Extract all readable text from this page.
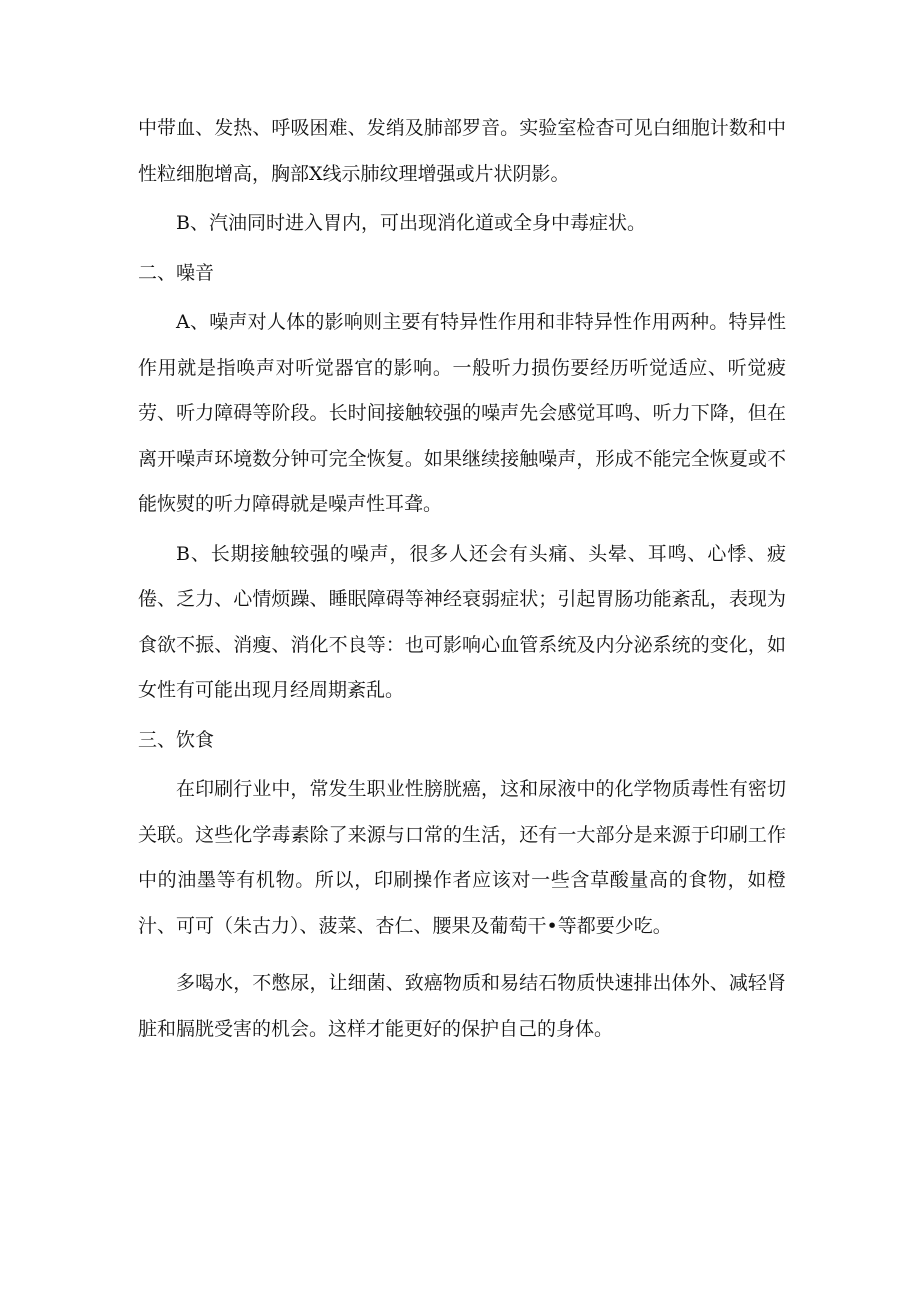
中带血、发热、呼吸困难、发绡及肺部罗音。实验室检杳可见白细胞计数和中性粒细胞增高，胸部X线示肺纹理增强或片状阴影。

B、汽油同时进入胃内，可出现消化道或全身中毒症状。

二、噪音

A、噪声对人体的影响则主要有特异性作用和非特异性作用两种。特异性作用就是指唤声对听觉器官的影响。一般听力损伤要经历听觉适应、听觉疲劳、听力障碍等阶段。长时间接触较强的噪声先会感觉耳鸣、听力下降，但在离开噪声环境数分钟可完全恢复。如果继续接触噪声，形成不能完全恢夏或不能恢熨的听力障碍就是噪声性耳聋。

B、长期接触较强的噪声，很多人还会有头痛、头晕、耳鸣、心悸、疲倦、乏力、心情烦躁、睡眠障碍等神经衰弱症状；引起胃肠功能紊乱，表现为食欲不振、消瘦、消化不良等：也可影响心血管系统及内分泌系统的变化，如女性有可能出现月经周期紊乱。

三、饮食

在印刷行业中，常发生职业性膀胱癌，这和尿液中的化学物质毒性有密切关联。这些化学毒素除了来源与口常的生活，还有一大部分是来源于印刷工作中的油墨等有机物。所以，印刷操作者应该对一些含草酸量高的食物，如橙汁、可可（朱古力）、菠菜、杏仁、腰果及葡萄干•等都要少吃。

多喝水，不憋尿，让细菌、致癌物质和易结石物质快速排出体外、减轻肾脏和膈胱受害的机会。这样才能更好的保护自己的身体。
